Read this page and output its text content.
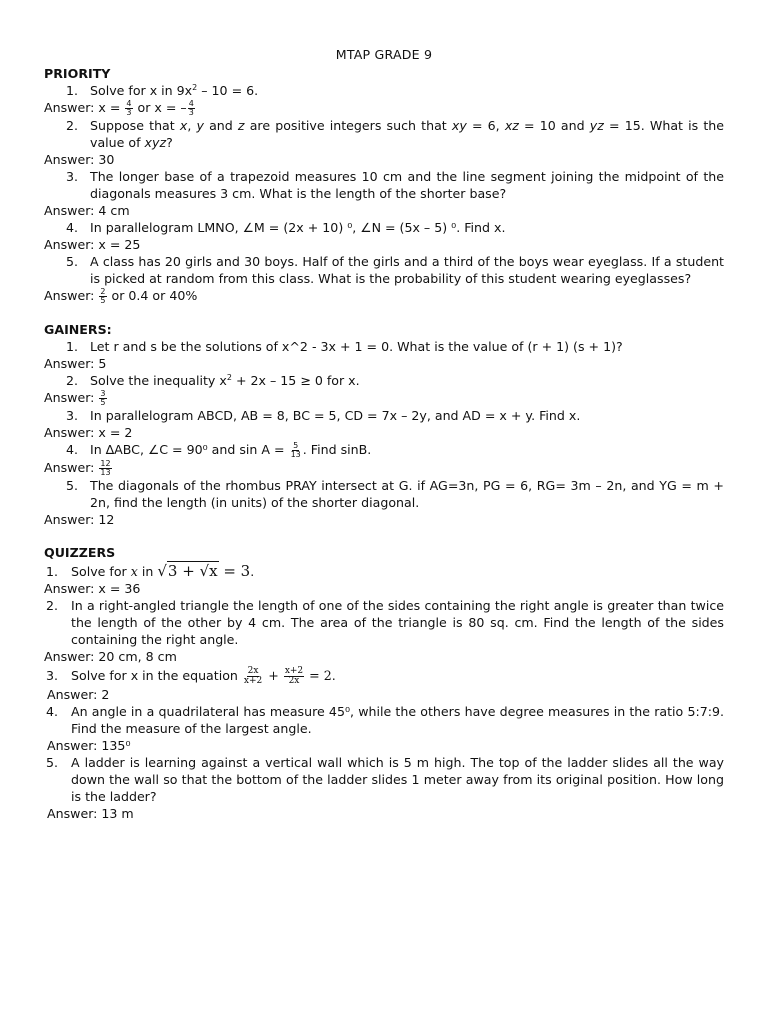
MTAP GRADE 9
PRIORITY
1. Solve for x in $9x^2 - 10 = 6$.
Answer: $x = \frac{4}{3}$ or x = – $\frac{4}{3}$
2. Suppose that x, y and z are positive integers such that xy = 6, xz = 10 and yz = 15. What is the value of xyz?
Answer: 30
3. The longer base of a trapezoid measures 10 cm and the line segment joining the midpoint of the diagonals measures 3 cm. What is the length of the shorter base?
Answer: 4 cm
4. In parallelogram LMNO, ∠M = (2x + 10) ⁰, ∠N = (5x – 5) ⁰. Find x.
Answer: x = 25
5. A class has 20 girls and 30 boys. Half of the girls and a third of the boys wear eyeglass. If a student is picked at random from this class. What is the probability of this student wearing eyeglasses?
Answer: $\frac{2}{5}$ or 0.4 or 40%
GAINERS:
1. Let r and s be the solutions of x^2 - 3x + 1 = 0. What is the value of (r + 1) (s + 1)?
Answer: 5
2. Solve the inequality $x^2 + 2x - 15 \ge 0$ for x.
Answer: $\frac{3}{5}$
3. In parallelogram ABCD, AB = 8, BC = 5, CD = 7x – 2y, and AD = x + y. Find x.
Answer: x = 2
4. In ∆ABC, ∠C = 90⁰ and $\sin A = \frac{5}{13}$ . Find sinB.
Answer: $\frac{12}{13}$
5. The diagonals of the rhombus PRAY intersect at G. if AG=3n, PG = 6, RG= 3m – 2n, and YG = m + 2n, find the length (in units) of the shorter diagonal.
Answer: 12
QUIZZERS
1.	Solve for x in √3 + √x = 3.
Answer: x = 36
2.	In a right-angled triangle the length of one of the sides containing the right angle is greater than twice the length of the other by 4 cm. The area of the triangle is 80 sq. cm. Find the length of the sides containing the right angle.
Answer: 20 cm, 8 cm
3.	Solve for x in the equation $\frac{2x}{x+2} + \frac{x+2}{2x} = 2$.
Answer: 2
4.	An angle in a quadrilateral has measure 45⁰, while the others have degree measures in the ratio 5:7:9. Find the measure of the largest angle.
Answer: 135⁰
5.	A ladder is learning against a vertical wall which is 5 m high. The top of the ladder slides all the way down the wall so that the bottom of the ladder slides 1 meter away from its original position. How long is the ladder?
Answer: 13 m
